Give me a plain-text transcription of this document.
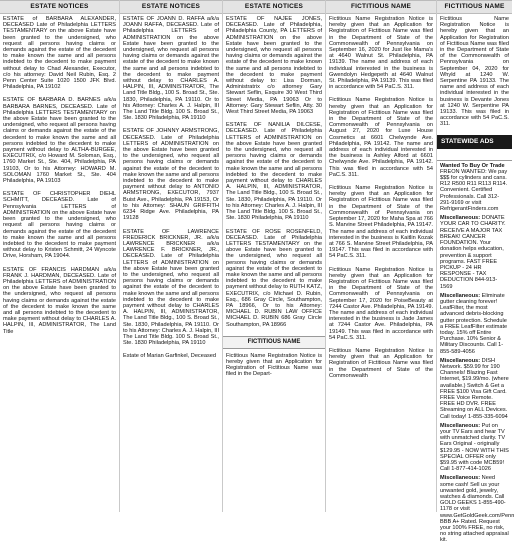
ESTATE NOTICES

ESTATE of BARBARA ALEXANDER, DECEASED Late of Philadelphia LETTERS TESTAMENTARY on the above Estate have been granted to the undersigned, who request all persons having claims or demands against the estate of the decedent to make known the same and all persons indebted to the decedent to make payment without delay to Chad Alexander, Executor, c/o his attorney: David Neil Rubin, Esq. 2 Penn Center Suite 1020 1500 JFK Blvd. Philadelphia, PA 19102

ESTATE OF BARBARA D. BARNES a/k/a BARBARA BARNES, DECEASED. Late of Philadelphia LETTERS TESTAMENTARY on the above Estate have been granted to the undersigned, who request all persons having claims or demands against the estate of the decedent to make known the same and all persons indebted to the decedent to make payment without delay to ALTHA-BURGEE, EXECUTRIX, c/o Howard M. Soloman, Esq., 1760 Market St., Ste. 404, Philadelphia, PA 19103, Or to his Attorney: HOWARD M. SOLOMAN 1760 Market St., Ste. 404 Philadelphia, PA 19103

ESTATE OF CHRISTOPHER DIEHL SCHMITT, DECEASED. Late of Pennsylvania LETTERS of ADMINISTRATION on the above Estate have been granted to the undersigned, who request all persons having claims or demands against the estate of the decedent to make known the same and all persons indebted to the decedent to make payment without delay to Kristen Schmitt, 24 Wyncote Drive, Horsham, PA 19044.

ESTATE OF FRANCIS HARDMAN a/k/a FRANK J. HARDMAN, DECEASED. Late of Philadelphia LETTERS of ADMINISTRATION on the above Estate have been granted to the undersigned, who request all persons having claims or demands against the estate of the decedent to make known the same and all persons indebted to the decedent to make payment without delay to CHARLES A. HALPIN, III, ADMINISTRATOR, The Land Title

ESTATE NOTICES

ESTATE OF JOANN D. RAFFA a/k/a JOANN RAFFA, DECEASED. Late of Philadelphia LETTERS of ADMINISTRATION on the above Estate have been granted to the undersigned, who request all persons having claims or demands against the estate of the decedent to make known the same and all persons indebted to the decedent to make payment without delay to CHARLES A. HALPIN, III, ADMINISTRATOR, The Land Title Bldg., 100 S. Broad St., Ste. 1830, Philadelphia, PA 19110. Or to his Attorney: Charles A. J. Halpin, III The Land Title Bldg. 100 S. Broad St., Ste. 1830 Philadelphia, PA 19110

ESTATE OF JOHNNY ARMSTRONG, DECEASED. Late of Philadelphia LETTERS of ADMINISTRATION on the above Estate have been granted to the undersigned, who request all persons having claims or demands against the estate of the decedent to make known the same and all persons indebted to the decedent to make payment without delay to ANTONIO ARMSTRONG, EXECUTOR, 7937 Buist Ave., Philadelphia, PA 19153, Or to his Attorney: SHAUN GRIFFITH 6234 Ridge Ave. Philadelphia, PA 19128

ESTATE OF LAWRENCE FREDERICK BRICKNER, JR. a/k/a LAWRENCE BRICKNER a/k/a LAWRENCE F. BRICKNER, JR., DECEASED. Late of Philadelphia LETTERS of ADMINISTRATION on the above Estate have been granted to the undersigned, who request all persons having claims or demands against the estate of the decedent to make known the same and all persons indebted to the decedent to make payment without delay to CHARLES A. HALPIN, III, ADMINISTRATOR, The Land Title Bldg., 100 S. Broad St., Ste. 1830, Philadelphia, PA 19110. Or to his Attorney: Charles A. J. Halpin, III The Land Title Bldg. 100 S. Broad St., Ste. 1830 Philadelphia, PA 19110

Estate of Marian Garfinkel, Deceased

ESTATE NOTICES

ESTATE OF NAJEE JONES, DECEASED. Late of Philadelphia, Philadelphia County, PA LETTERS of ADMINISTRATION on the above Estate have been granted to the undersigned, who request all persons having claims or demands against the estate of the decedent to make known the same and all persons indebted to the decedent to make payment without delay to: Lisa Dorman, Administratrix c/o attorney Gary Stewart Seflin, Esquire 30 West Third Street Media, PA 19063 Or to Attorney: Gary Stewart Seflin, Atty. 30 West Third Street Media, PA 19063

ESTATE OF NANILIA DILCESE, DECEASED. Late of Philadelphia LETTERS of ADMINISTRATION on the above Estate have been granted to the undersigned, who request all persons having claims or demands against the estate of the decedent to make known the same and all persons indebted to the decedent to make payment without delay to CHARLES A. HALPIN, III, ADMINISTRATOR, The Land Title Bldg., 100 S. Broad St., Ste. 1830, Philadelphia, PA 19110. Or to his Attorney: Charles A. J. Halpin, III The Land Title Bldg. 100 S. Broad St., Ste. 1830 Philadelphia, PA 19110

ESTATE OF ROSE ROSENFELD, DECEASED. Late of Philadelphia LETTERS TESTAMENTARY on the above Estate have been granted to the undersigned, who request all persons having claims or demands against the estate of the decedent to make known the same and all persons indebted to the decedent to make payment without delay to RUTH KATZ, EXECUTRIX, c/o Michael D. Rubin, Esq., 686 Gray Circle, Southampton, PA 18966, Or to his Attorney: MICHAEL D. RUBIN LAW OFFICE MICHAEL D. RUBIN 686 Gray Circle Southampton, PA 18966

FICTITIOUS NAME

Fictitious Name Registration Notice is hereby given that an Application for Registration of Fictitious Name was filed in the Depart-

FICTITIOUS NAME

Fictitious Name Registration Notice is hereby given that an Application for Registration of Fictitious Name was filed in the Department of State of the Commonwealth of Pennsylvania on September 16, 2020 for Just Ike Mama's at 4640 Walnut St. Philadelphia, PA 19139. The name and address of each individual interested in the business is Gwendolyn Hedgepeth at 4640 Walnut St. Philadelphia, PA 19139. This was filed in accordance with 54 PaC.S. 311.

Fictitious Name Registration Notice is hereby given that an Application for Registration of Fictitious Name was filed in the Department of State of the Commonwealth of Pennsylvania on August 27, 2020 for Luxe House Cosmetics at 6601 Chelwynde Ave. Philadelphia, PA 19142. The name and address of each individual interested in the business is Ashley Alford at 6601 Chelwynde Ave. Philadelphia, PA 19142. This was filed in accordance with 54 PaC.S. 311.

Fictitious Name Registration Notice is hereby given that an Application for Registration of Fictitious Name was filed in the Department of State of the Commonwealth of Pennsylvania on September 17, 2020 for Maha Spa at 766 S. Marvine Street Philadelphia, PA 19147. The name and address of each individual interested in the business is Kaitlin Kozak at 766 S. Marvine Street Philadelphia, PA 19147. This was filed in accordance with 54 PaC.S. 311.

Fictitious Name Registration Notice is hereby given that an Application for Registration of Fictitious Name was filed in the Department of State of the Commonwealth of Pennsylvania on September 17, 2020 for PoiseBeauty at 7244 Castor Ave. Philadelphia, PA 19149. The name and address of each individual interested in the business is Jade James at 7244 Castor Ave. Philadelphia, PA 19149. This was filed in accordance with 54 PaC.S. 311.

Fictitious Name Registration Notice is hereby given that an Application for Registration of Fictitious Name was filed in the Department of State of the Commonwealth

FICTITIOUS NAME

Fictitious Name Registration Notice is hereby given that an Application for Registration of Fictitious Name was filed in the Department of State of the Commonwealth of Pennsylvania on September 04, 2020 for Whyld at 1240 W. Serpentine PA 19133. The name and address of each individual interested in the business is Devante Jones at 1240 W. Serpentine PA 19133. This was filed in accordance with 54 PaC.S. 311.

STATEWIDE ADS
Wanted To Buy Or Trade FREON WANTED: We pay $$$ for cylinders and cans. R12 R500 R11 R113 R114. Convenient. Certified Professionals. Call 312-291-9169 or visit RefrigerantFinders.com
Miscellaneous: DONATE YOUR CAR TO CHARITY. RECEIVE A MAJOR TAX BREAK! CANCER FOUNDATION. Your donation helps education, prevention & support programs. FAST FREE PICKUP - 24 HR RESPONSE - TAX DEDUCTION 844-913-1569
Miscellaneous: Eliminate gutter cleaning forever! LeafFilter, the most advanced debris-blocking gutter protection. Schedule a FREE LeafFilter estimate today. 15% off Entire Purchase. 10% Senior & Military Discounts. Call 1-855-589-4056
Miscellaneous: DISH Network. $59.99 for 190 Channels! Blazing Fast Internet, $19.99/mo. (where available.) Switch & Get a FREE $100 Visa Gift Card. FREE Voice Remote. FREE HD DVR. FREE Streaming on ALL Devices. Call today! 1-855-335-6094
Miscellaneous: Put on your TV Ears and hear TV with unmatched clarity. TV Ears Original - originally $129.95 - NOW WITH THIS SPECIAL OFFER only $59.95 with code MCB59! Call 1-877-414-1026
Miscellaneous: Need some cash! Sell us your unwanted gold, jewelry, watches & diamonds. Call GOLD GEEKS 1-855-490-1178 or visit www.GetGoldGeek.com/Penn BBB A+ Rated. Request your 100% FREE, no risk, no string attached appraisal kit.
